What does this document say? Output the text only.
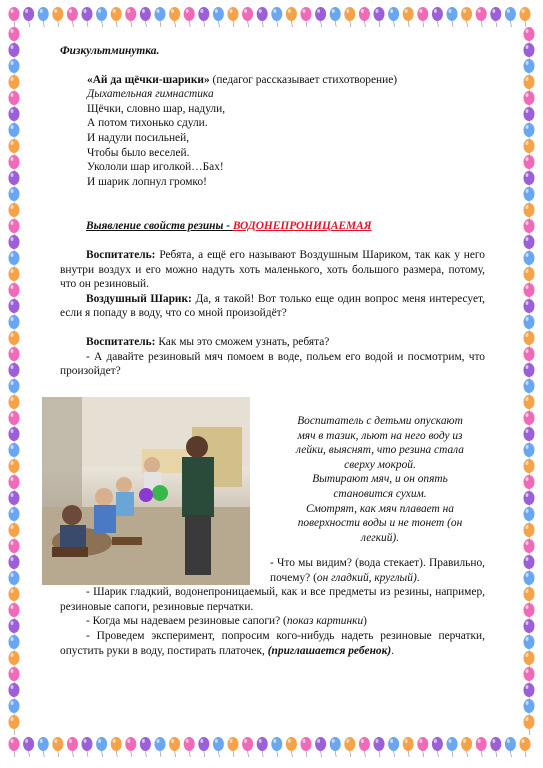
Физкультминутка.

«Ай да щёчки-шарики» (педагог рассказывает стихотворение)
Дыхательная гимнастика
Щёчки, словно шар, надули,
А потом тихонько сдули.
И надули посильней,
Чтобы было веселей.
Укололи шар иголкой…Бах!
И шарик лопнул громко!

Выявление свойств резины - ВОДОНЕПРОНИЦАЕМАЯ

Воспитатель: Ребята, а ещё его называют Воздушным Шариком, так как у него внутри воздух и его можно надуть хоть маленького, хоть большого размера, потому, что он резиновый.

Воздушный Шарик: Да, я такой! Вот только еще один вопрос меня интересует, если я попаду в воду, что со мной произойдёт?

Воспитатель: Как мы это сможем узнать, ребята?

- А давайте резиновый мяч помоем в воде, польем его водой и посмотрим, что произойдет?

Воспитатель с детьми опускают
мяч в тазик, льют на него воду из
лейки, выяснят, что резина стала
сверху мокрой.
Вытирают мяч, и он опять
становится сухим.
Смотрят, как мяч плавает на
поверхности воды и не тонет (он
легкий).

- Что мы видим? (вода стекает). Правильно, почему? (он гладкий, круглый).

- Шарик гладкий, водонепроницаемый, как и все предметы из резины, например, резиновые сапоги, резиновые перчатки.

- Когда мы надеваем резиновые сапоги? (показ картинки)

- Проведем эксперимент, попросим кого-нибудь надеть резиновые перчатки, опустить руки в воду, постирать платочек, (приглашается ребенок).
